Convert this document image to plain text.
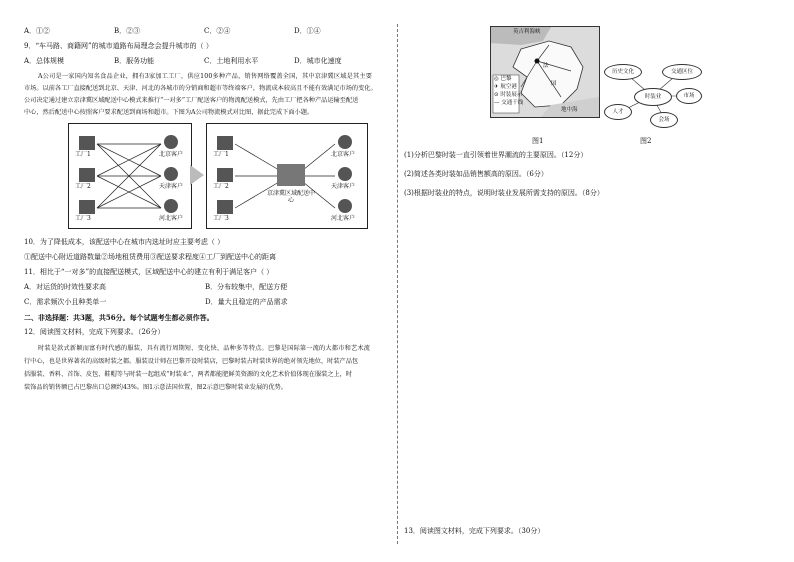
A．①②	B．②③	C．②④	D．①④
9．“车马路、商籍网”的城市道路布局理念会提升城市的（ ）
A．总体规模	B．服务功能	C．土地利用水平	D．城市化速度
A公司是一家国内知名食品企业，拥有3家加工工厂，供应100多种产品，销售网络覆盖全国，其中京津冀区域是其主要
市场。以前各工厂直接配送到北京、天津、河北的各城市的分销商和超市等终端客户，物流成本较高且不能有效满足市场的变化。
公司决定通过建立京津冀区域配送中心模式来推行“一对多”工厂配送客户的物流配送模式，先由工厂把各种产品运输至配送
中心，然后配送中心按照客户要求配送到商场和超市。下图为A公司物流模式对比图，据此完成下面小题。
工厂1
工厂2
工厂3
北京客户
天津客户
河北客户
工厂1
工厂2
工厂3
京津冀区域配送中心
北京客户
天津客户
河北客户
10．为了降低成本，该配送中心在城市内选址时应主要考虑（ ）
①配送中心附近道路数量②场地租赁费用③配送要求程度④工厂到配送中心的距离
11．相比于“一对多”的直接配送模式，区域配送中心的建立有利于满足客户（ ）
A．对运货的时效性要求高	B．分布较集中，配送方便
C．需求频次小且种类单一	D．量大且稳定的产品需求
二、非选择题：共3题，共56分。每个试题考生都必须作答。
12．阅读图文材料，完成下列要求。（26分）
时装是款式新颖而富有时代感的服装，具有流行周期短、变化快、品种多等特点。巴黎是国际第一流的大都市和艺术流
行中心，也是世界著名的高级时装之都。服装设计师在巴黎开设时装店，巴黎时装占时装世界的绝对领先地位，时装产品包
括服装、香料、首饰、皮包、鞋帽等与时装一起组成“时装业”，两者都能肥鲜美资源的文化艺术价值体现在服装之上，时
装饰品的销售额已占巴黎出口总额约43%。图1示意法国位置，图2示意巴黎时装业发展的优势。
英吉利海峡
法
国
地中海
◎ 巴黎
✈ 航空港
⊙ 时装展示
— 交通干线
时装业
历史文化	交通区位
市场
会场
人才
图1	图2
(1)分析巴黎时装一直引领着世界潮流的主要原因。（12分）
(2)简述各类时装如品销售额高的原因。（6分）
(3)根据时装业的特点，说明时装业发展所需支持的原因。（8分）
13．阅读图文材料，完成下列要求。（30分）
